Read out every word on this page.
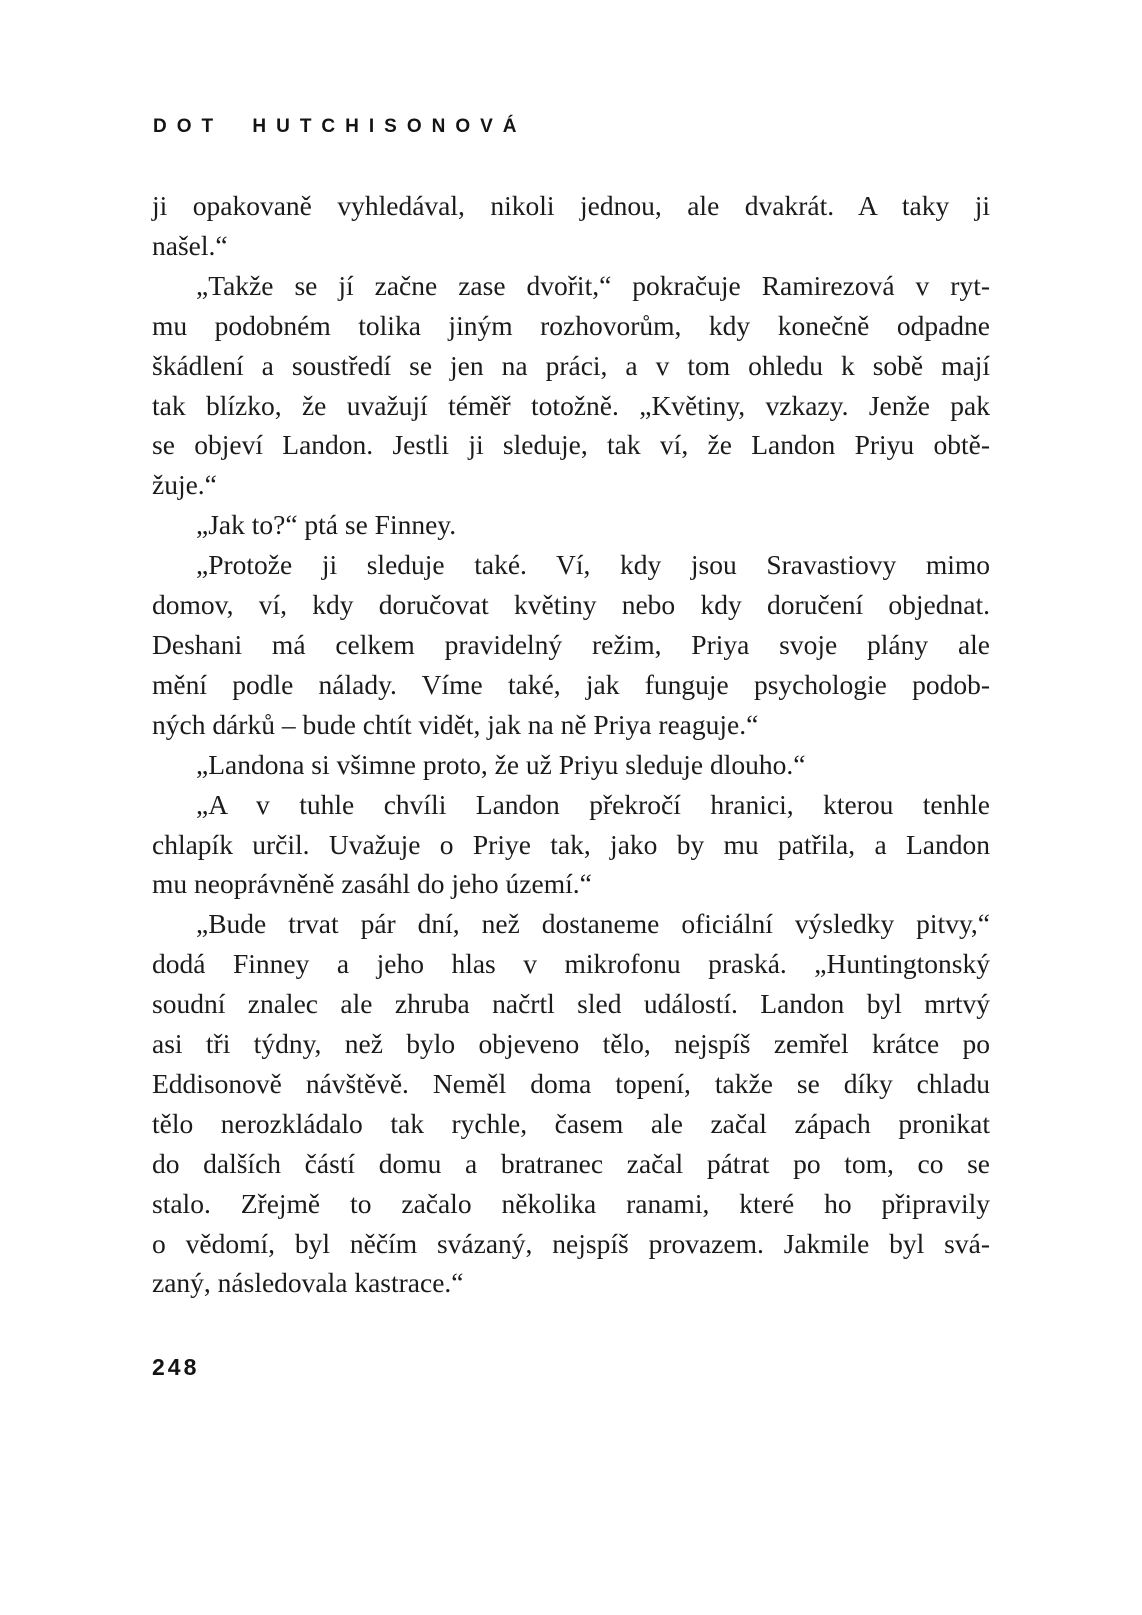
DOT HUTCHISONOVÁ

ji opakovaně vyhledával, nikoli jednou, ale dvakrát. A taky ji
našel.“

„Takže se jí začne zase dvořit,“ pokračuje Ramirezová v ryt-
mu podobném tolika jiným rozhovorům, kdy konečně odpadne
škádlení a soustředí se jen na práci, a v tom ohledu k sobě mají
tak blízko, že uvažují téměř totožně. „Květiny, vzkazy. Jenže pak
se objeví Landon. Jestli ji sleduje, tak ví, že Landon Priyu obtě-
žuje.“

„Jak to?“ ptá se Finney.

„Protože ji sleduje také. Ví, kdy jsou Sravastiovy mimo
domov, ví, kdy doručovat květiny nebo kdy doručení objednat.
Deshani má celkem pravidelný režim, Priya svoje plány ale
mění podle nálady. Víme také, jak funguje psychologie podob-
ných dárků – bude chtít vidět, jak na ně Priya reaguje.“

„Landona si všimne proto, že už Priyu sleduje dlouho.“

„A v tuhle chvíli Landon překročí hranici, kterou tenhle
chlapík určil. Uvažuje o Priye tak, jako by mu patřila, a Landon
mu neoprávněně zasáhl do jeho území.“

„Bude trvat pár dní, než dostaneme oficiální výsledky pitvy,“
dodá Finney a jeho hlas v mikrofonu praská. „Huntingtonský
soudní znalec ale zhruba načrtl sled událostí. Landon byl mrtvý
asi tři týdny, než bylo objeveno tělo, nejspíš zemřel krátce po
Eddisonově návštěvě. Neměl doma topení, takže se díky chladu
tělo nerozkládalo tak rychle, časem ale začal zápach pronikat
do dalších částí domu a bratranec začal pátrat po tom, co se
stalo. Zřejmě to začalo několika ranami, které ho připravily
o vědomí, byl něčím svázaný, nejspíš provazem. Jakmile byl svá-
zaný, následovala kastrace.“

248
